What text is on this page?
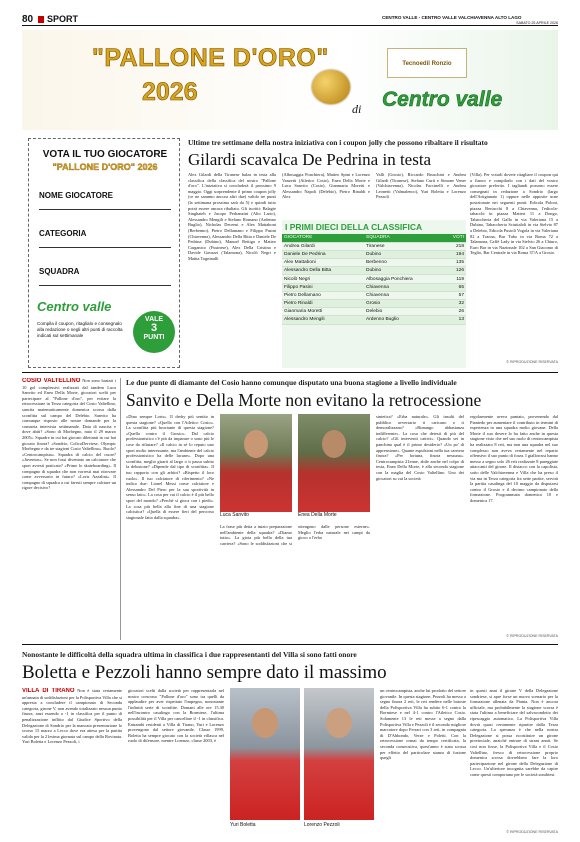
80 SPORT	CENTRO VALLE - CENTRO VALLE VALCHIAVENNA ALTO LAGO
SABATO 25 APRILE 2026
"PALLONE D'ORO"
2026
di
Tecnoedil Ronzio
Centro valle
VOTA IL TUO GIOCATORE
"PALLONE D'ORO" 2026
NOME GIOCATORE
CATEGORIA
SQUADRA
Centro valle
Compila il coupon, ritaglialo e consegnalo alla redazione o negli altri punti di raccolta indicati sul settimanale
VALE
3
PUNTI
Ultime tre settimane della nostra iniziativa con i coupon jolly che possono ribaltare il risultato
Gilardi scavalca De Pedrina in testa
Alex Gilardi della Tiranese balza in testa alla classifica della classifica del nostro "Pallone d'oro". L'iniziativa si concluderà il prossimo 9 maggio. Oggi sorprendente il primo coupon jolly (ce ne saranno ancora altri due) valido tre punti (la settimana prossima sarà da 5) e quindi tutto potrà essere ancora ribaltato. Gli iscritti: Balagie Singhateh e Jacopo Pedranzini (Alto Lario), Alessandro Mengili e Stefano Romano (Ardenno Buglio), Nicholas Decensi e Alex Mattaboni (Berbenno), Pietro Dellamano e Filippo Pasini (Chiavenna), Alessandro Della Bitta e Daniele De Pedrina (Dubino), Manuel Bettiga e Matteo Carganico (Fusinese), Alex Della Cristina e Davide Gavazzi (Talamona), Nicolò Negri e Mattia Togninalli
(Albosaggia Ponchiera), Matteo Spini e Lorenzo Vanzetti (Atletico Cosio), Enea Della Morte e Luca Sanvito (Cosio), Gianmaria Moretti e Alessandro Napoli (Delebio), Pietro Rinaldi e Alex
Valli (Grosio), Riccardo Bruschini e Andrea Gilardi (Tiranese), Stefano Curti e Simone Vener (Valchiavenna), Nicolas Faccinelli e Andrea Leonetti (Valmalenco), Yuri Boletta e Lorenzo Pezzoli
(Villa). Per votarli dovete ritagliare il coupon qui a fianco e compilarlo con i dati del vostro giocatore preferito. I tagliandi possono essere consegnati in redazione a Sondrio (largo dell'Artigianato 1) oppure nelle apposite urne posizionate nei seguenti punti: Edicola Poloni, piazza Bertacchi 8 a Chiavenna, l'edicola-tabacchi in piazza Matteri 11 a Dongo, Tabaccheria del Gallo in via Valeriana 15 a Dubino, Tabaccheria Sciuttaloli in via Stelvio 87 a Delebio, Edicola Pustoli Vogola in via Valeriana 82 a Traona, Bar Tubo in via Roma 72 a Talamona, Caffè Lady in via Stelvio 26 a Chiuro, Euro Bar in via Nazionale 102 a San Giacomo di Teglio, Bar Centrale in via Roma 37/A a Grosio.
© RIPRODUZIONE RISERVATA
I PRIMI DIECI DELLA CLASSIFICA
GIOCATORE	SQUADRA	VOTI
Andrea Gilardi	Tiranese	218
Daniele De Pedrina	Dubino	194
Alex Mattaboni	Berbenno	135
Alessandro Della Bitta	Dubino	126
Nicolò Negri	Albosaggia Ponchiera	119
Filippo Pasini	Chiavenna	65
Pietro Dellamano	Chiavenna	57
Pietro Rinaldi	Grosio	32
Gianmaria Moretti	Delebio	26
Alessandro Mengili	Ardenno Buglio	13
COSIO VALTELLINO Non sono bastati i 10 gol complessivi realizzati dal tandem Luca Sanvito ed Enea Della Morte, giocatori scelti per partecipare al "Pallone d'oro", per evitare la retrocessione in Terza categoria del Cosio Valtellino, sancita matematicamente domenica scorsa dalla sconfitta sul campo del Delebio. Sanvito ha comunque risposto alle nostre domande per la consueta intervista settimanale. Data di nascita e dove abiti? «Sono di Morbegno, nato il 29 marzo 2005». Squadre in cui hai giocato dilettanti in cui hai giocato finora? «Sondrio, ColicoDerviese, Olympic Morbegno e da tre stagioni Cosio Valtellino». Ruolo? «Centrocampista». Squadra di calcio del cuore? «Juventus». Se non fossi diventato un calciatore che sport avresti praticato? «Primo lo skateboarding». Il compagno di squadra che non vorresti mai ritrovare come avversario in futuro? «Loris Azzalini». Il compagno di squadra a cui faresti sempre calciare un rigore decisivo?
Le due punte di diamante del Cosio hanno comunque disputato una buona stagione a livello individuale
Sanvito e Della Morte non evitano la retrocessione
«Dino sempre Loris». Il derby più sentito in questa stagione? «Quello con l'Atletico Cosio». La sconfitta più bruciante di questa stagione? «Quella contro il Grosio». Dal calcio professionistico c'è più da imparare o sono più le cose da rifiutare? «Il calcio in sé lo reputo uno sport molto interessante, ma l'ambiente del calcio professionistico ha delle lacune». Dopo una sconfitta, meglio girarti al largo o ti passa subito la delusione? «Dipende dal tipo di sconfitta». Il tuo rapporto con gli arbitri? «Rispetto il loro ruolo». Il tuo calciatore di riferimento? «Ne indico due: Lionel Messi come calciatore e Alessandro Del Piero per la sua sportività in senso lato». La cosa per cui il calcio è il più bello sport del mondo? «Perché si gioca con i piedi». La cosa più bella alla fine di una stagione calcistica? «Quella di essere fieri del percorso stagionale fatto dalla squadra».	Luca Sanvito	Enea Della Morte
La frase più detta a inizio preparazione nell'ambiente della squadra? «Diamo tutto». La gioia più bella della tua carriera? «Sono le soddisfazioni che si ottengono dalle persone esterne». Meglio l'erba naturale nei campi da gioco o l'erba
sintetica? «Erba naturale». Gli insulti del pubblico avversario ti caricano o ti demoralizzano? «Rimango abbastanza indifferente». La cosa che detesti di più del calcio? «Gli interventi cattivi». Quando sei in panchina qual è il primo desiderio? «Un po' di apprensione». Quante espulsioni nella tua carriera finora? «Per fortuna, finora nessuna». Centrocampista 21enne, abile anche nel colpo di testa, Enea Della Morte, è alla seconda stagione con la maglia del Cosio Valtellino. Uno dei giocatori su cui la società
regolarmente aveva puntato, provenendo dal Piantedo per aumentare il contributo in termini di esperienza in una squadra molto giovane. Della Morte il suo dovere lo ha fatto anche in questa stagione visto che nel suo ruolo di centrocampista ha realizzato 8 reti, ma non una squadra nel suo complesso non aveva certamente nel reparto offensivo il suo punto di forza. I giallorossi hanno messo a segno solo 26 reti realizzate 8 pareggiate attaccanti del girone. Il distacco con la capolista, sotto delle Valchiavenna e Villa che ha preso il via ma in Terza categoria fra sette partite, servirà la partita casalinga del 10 maggio da disputarsi contro il Grosio e il decimo campionato della formazione. Programmata domenica 10 e domenica 17.
© RIPRODUZIONE RISERVATA
Nonostante le difficoltà della squadra ultima in classifica i due rappresentanti del Villa si sono fatti onore
Boletta e Pezzoli hanno sempre dato il massimo
VILLA DI TIRANO Non è stata certamente un'annata di soddisfazioni per la Polisportiva Villa che si appresta a concludere il campionato di Seconda categoria, girone V, non avendo totalizzato nessun punto finora, anzi essendo a -1 in classifica per il punto di penalizzazione inflitto dal Giudice Sportivo della Delegazione di Sondrio per la mancata presentazione lo scorso 15 marzo a Lecco dove era attesa per la partita valida per la 21esima giornata sul campo della Rovinata. Yuri Boletta e Lorenzo Pezzoli, i
giocatori scelti dalla società per rappresentarla nel nostro concorso "Pallone d'oro" sono tra quelli da applaudire per aver rispettato l'impegno, nonostante l'infinità serie di sconfitte. Domani alle ore 15.30 nell'incontro casalingo con la Bormiese, l'ultima possibilità per il Villa per cancellare il -1 in classifica. Entrambi residenti a Villa di Tirano, Yuri e Lorenzo provengono dal settore giovanile. Classe 1999, Boletta ha sempre giocato con la società villasca nel ruolo di difensore, mentre Lorenzo, classe 2003, è
Yuri Boletta	Lorenzo Pezzoli
un centrocampista, anche lui prodotto del settore giovanile. In questa stagione, Pezzoli ha messo a segno finora 2 reti, le reti rendere nelle batoste della Polisportiva Villa ha subito 6-1 contro la Bormiese e nel 4-1 contro l'Atletico Cosio. Solamente 13 le reti messe a segno dalla Polisportiva Villa e Pezzoli è il secondo migliore marcatore dopo Ferrari con 3 reti, in compagnia di D'Abbondo, Verze e Poletti. Con la retrocessione ormai da tempo certificata, la seconda consecutiva, quest'anno è stata scossa per effetto del particolare stanza di fusione quegli
in questi anni il girone V della Delegazione sondriese, si apre forse un nuovo scenario per la formazione allenata da Pianta. Non è ancora ufficiale, ma probabilmente la stagione scorsa è stata l'ultima a beneficiare del salvacondotto dei ripescaggio automatico. La Polisportiva Villa dovrà quasi certamente ripartire dalla Terza categoria. La speranza è che nella nostra Delegazione si possa ricostituire un girone provinciale, anziché entrare di strani annii. Se così non fosse, la Polisportiva Villa e il Cosio Valtellino, fresco di retrocessione proprio domenica scorsa dovrebbero fare la loro partecipazione nel girone della Delegazione di Lecco. Un'ulteriore incognita sarebbe da capire come questi comportano per le società sondriesi.
© RIPRODUZIONE RISERVATA
